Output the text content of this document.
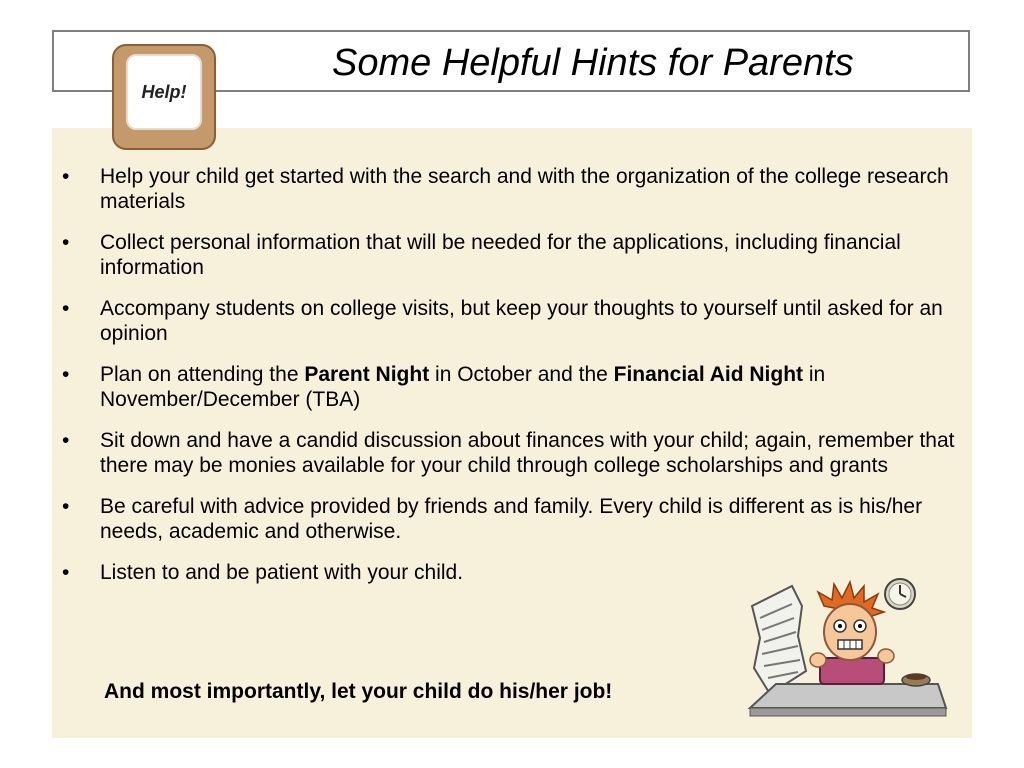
Some Helpful Hints for Parents
Help!
• Help your child get started with the search and with the organization of the college research materials
• Collect personal information that will be needed for the applications, including financial information
• Accompany students on college visits, but keep your thoughts to yourself until asked for an opinion
• Plan on attending the Parent Night in October and the Financial Aid Night in November/December (TBA)
• Sit down and have a candid discussion about finances with your child; again, remember that there may be monies available for your child through college scholarships and grants
• Be careful with advice provided by friends and family. Every child is different as is his/her needs, academic and otherwise.
• Listen to and be patient with your child.
And most importantly, let your child do his/her job!
